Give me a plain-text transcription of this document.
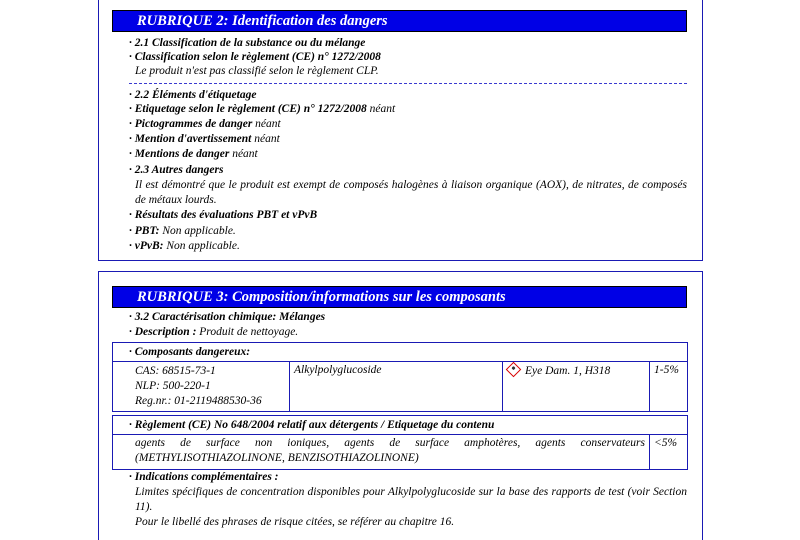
RUBRIQUE 2: Identification des dangers
· 2.1 Classification de la substance ou du mélange
· Classification selon le règlement (CE) n° 1272/2008
Le produit n'est pas classifié selon le règlement CLP.
· 2.2 Éléments d'étiquetage
· Etiquetage selon le règlement (CE) n° 1272/2008 néant
· Pictogrammes de danger néant
· Mention d'avertissement néant
· Mentions de danger néant
· 2.3 Autres dangers
Il est démontré que le produit est exempt de composés halogènes à liaison organique (AOX), de nitrates, de composés de métaux lourds.
· Résultats des évaluations PBT et vPvB
· PBT: Non applicable.
· vPvB: Non applicable.
RUBRIQUE 3: Composition/informations sur les composants
· 3.2 Caractérisation chimique: Mélanges
· Description : Produit de nettoyage.
· Composants dangereux:
CAS: 68515-73-1
NLP: 500-220-1
Reg.nr.: 01-2119488530-36
Alkylpolyglucoside	Eye Dam. 1, H318	1-5%
· Règlement (CE) No 648/2004 relatif aux détergents / Etiquetage du contenu
agents de surface non ioniques, agents de surface amphotères, agents conservateurs (METHYLISOTHIAZOLINONE, BENZISOTHIAZOLINONE)
<5%
· Indications complémentaires :
Limites spécifiques de concentration disponibles pour Alkylpolyglucoside sur la base des rapports de test (voir Section 11).
Pour le libellé des phrases de risque citées, se référer au chapitre 16.
